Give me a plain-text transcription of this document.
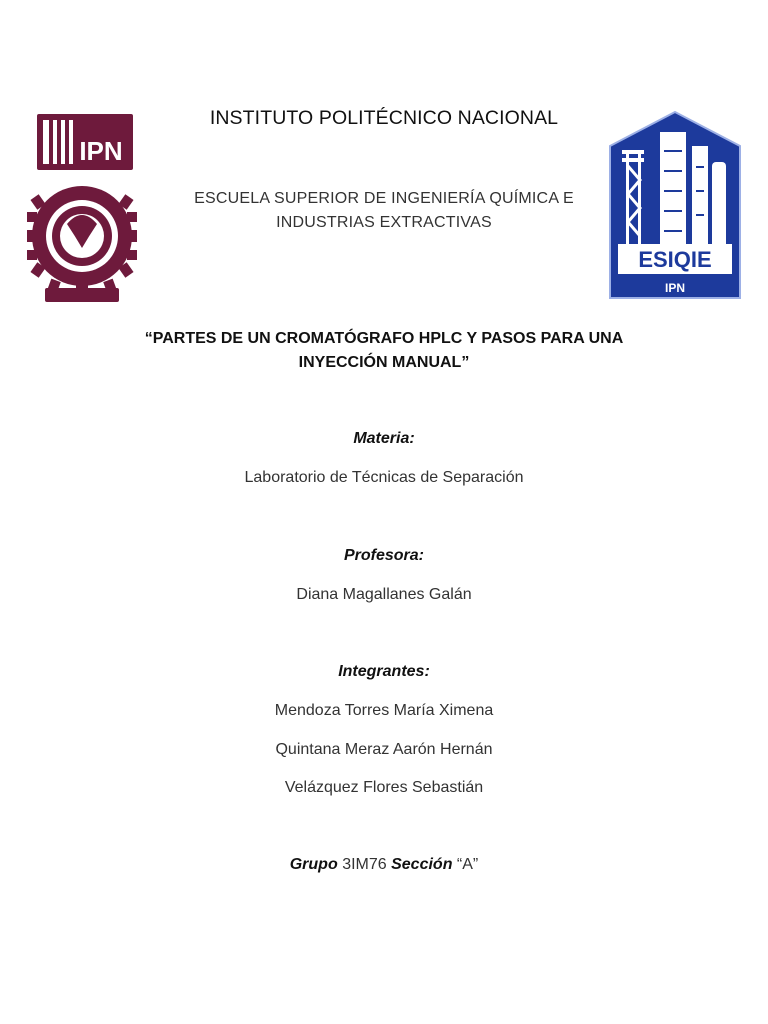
IPN
ESIQIE
IPN
INSTITUTO POLITÉCNICO NACIONAL
ESCUELA SUPERIOR DE INGENIERÍA QUÍMICA E
INDUSTRIAS EXTRACTIVAS
“PARTES DE UN CROMATÓGRAFO HPLC Y PASOS PARA UNA
INYECCIÓN MANUAL”
Materia:
Laboratorio de Técnicas de Separación
Profesora:
Diana Magallanes Galán
Integrantes:
Mendoza Torres María Ximena
Quintana Meraz Aarón Hernán
Velázquez Flores Sebastián
Grupo 3IM76 Sección “A”
